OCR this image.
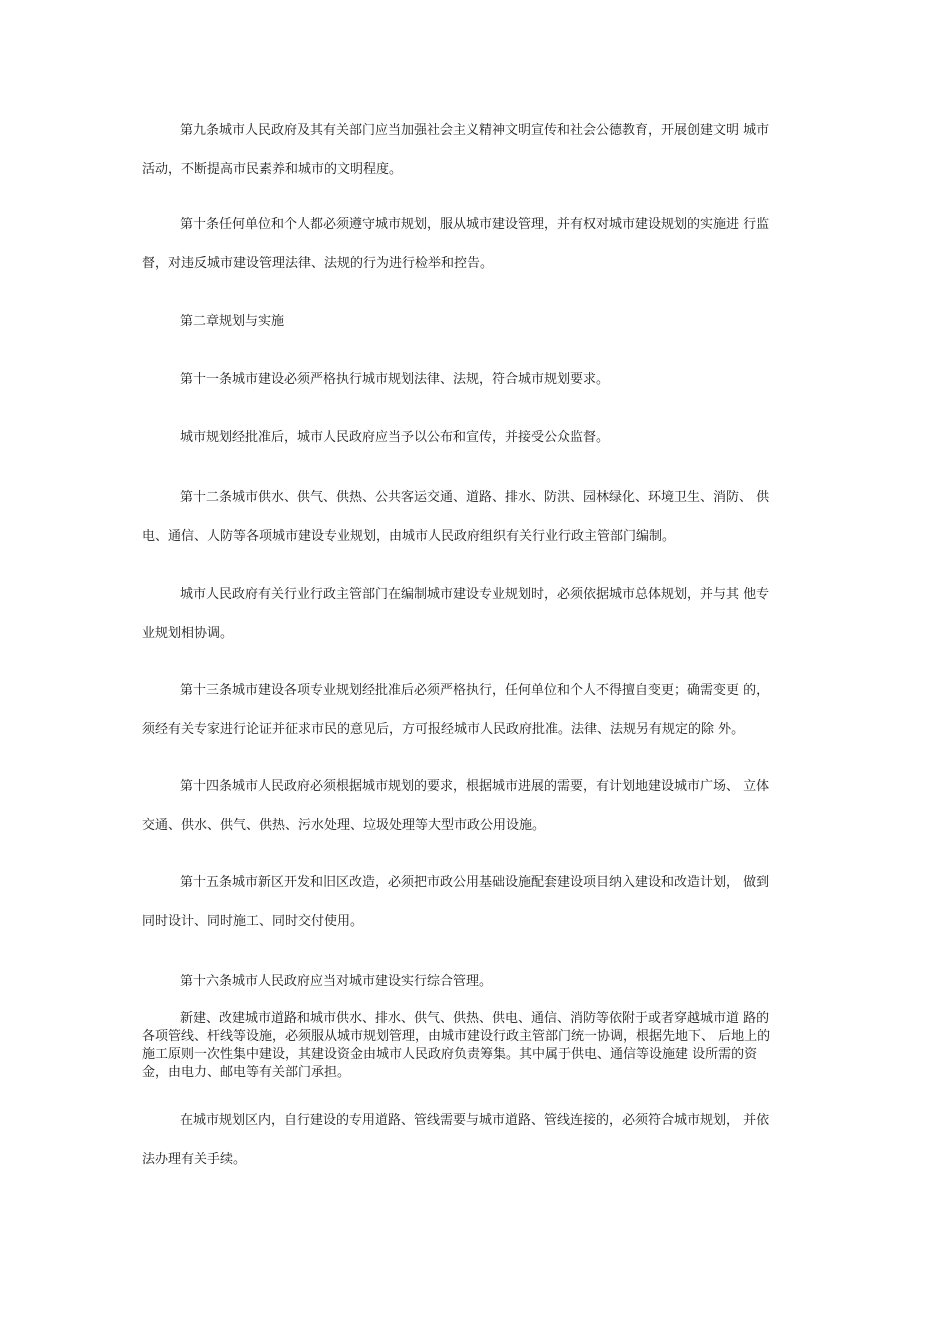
第九条城市人民政府及其有关部门应当加强社会主义精神文明宣传和社会公德教育，开展创建文明 城市
活动，不断提高市民素养和城市的文明程度。
第十条任何单位和个人都必须遵守城市规划，服从城市建设管理，并有权对城市建设规划的实施进 行监
督，对违反城市建设管理法律、法规的行为进行检举和控告。
第二章规划与实施
第十一条城市建设必须严格执行城市规划法律、法规，符合城市规划要求。
城市规划经批准后，城市人民政府应当予以公布和宣传，并接受公众监督。
第十二条城市供水、供气、供热、公共客运交通、道路、排水、防洪、园林绿化、环境卫生、消防、 供
电、通信、人防等各项城市建设专业规划，由城市人民政府组织有关行业行政主管部门编制。
城市人民政府有关行业行政主管部门在编制城市建设专业规划时，必须依据城市总体规划，并与其 他专
业规划相协调。
第十三条城市建设各项专业规划经批准后必须严格执行，任何单位和个人不得擅自变更；确需变更 的，
须经有关专家进行论证并征求市民的意见后，方可报经城市人民政府批准。法律、法规另有规定的除 外。
第十四条城市人民政府必须根据城市规划的要求，根据城市进展的需要，有计划地建设城市广场、 立体
交通、供水、供气、供热、污水处理、垃圾处理等大型市政公用设施。
第十五条城市新区开发和旧区改造，必须把市政公用基础设施配套建设项目纳入建设和改造计划， 做到
同时设计、同时施工、同时交付使用。
第十六条城市人民政府应当对城市建设实行综合管理。
新建、改建城市道路和城市供水、排水、供气、供热、供电、通信、消防等依附于或者穿越城市道 路的
各项管线、杆线等设施，必须服从城市规划管理，由城市建设行政主管部门统一协调，根据先地下、 后地上的
施工原则一次性集中建设，其建设资金由城市人民政府负责筹集。其中属于供电、通信等设施建 设所需的资
金，由电力、邮电等有关部门承担。
在城市规划区内，自行建设的专用道路、管线需要与城市道路、管线连接的，必须符合城市规划， 并依
法办理有关手续。
